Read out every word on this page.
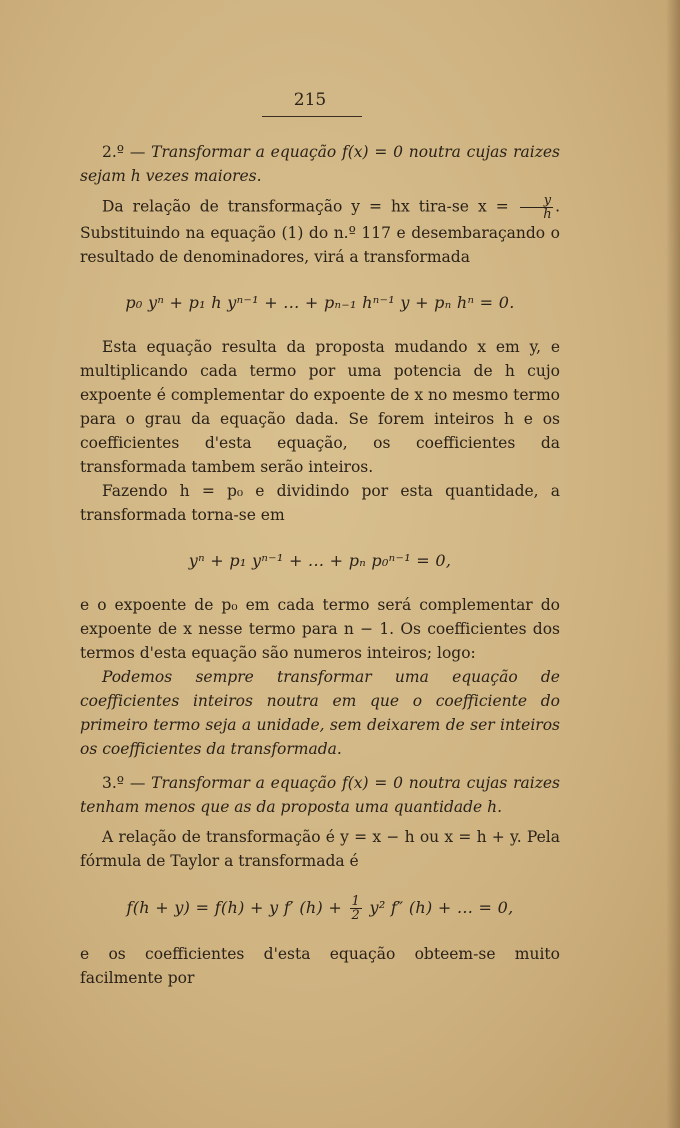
215

2.º — Transformar a equação f(x) = 0 noutra cujas raizes sejam h vezes maiores.

Da relação de transformação y = hx tira-se $x = \frac{y}{h}$ . Substituindo na equação (1) do n.º 117 e desembaraçando o resultado de denominadores, virá a transformada

p₀ yⁿ + p₁ h yⁿ⁻¹ + ... + pₙ₋₁ hⁿ⁻¹ y + pₙ hⁿ = 0.

Esta equação resulta da proposta mudando x em y, e multiplicando cada termo por uma potencia de h cujo expoente é complementar do expoente de x no mesmo termo para o grau da equação dada. Se forem inteiros h e os coefficientes d'esta equação, os coefficientes da transformada tambem serão inteiros.

Fazendo h = p₀ e dividindo por esta quantidade, a transformada torna-se em

yⁿ + p₁ yⁿ⁻¹ + ... + pₙ p₀ⁿ⁻¹ = 0,

e o expoente de p₀ em cada termo será complementar do expoente de x nesse termo para n − 1. Os coefficientes dos termos d'esta equação são numeros inteiros; logo:

Podemos sempre transformar uma equação de coefficientes inteiros noutra em que o coefficiente do primeiro termo seja a unidade, sem deixarem de ser inteiros os coefficientes da transformada.

3.º — Transformar a equação f(x) = 0 noutra cujas raizes tenham menos que as da proposta uma quantidade h.

A relação de transformação é y = x − h ou x = h + y. Pela fórmula de Taylor a transformada é

f(h + y) = f(h) + y f′ $(h) + \frac{1}{2} y^2$ f″ (h) + ... = 0,

e os coefficientes d'esta equação obteem-se muito facilmente por
